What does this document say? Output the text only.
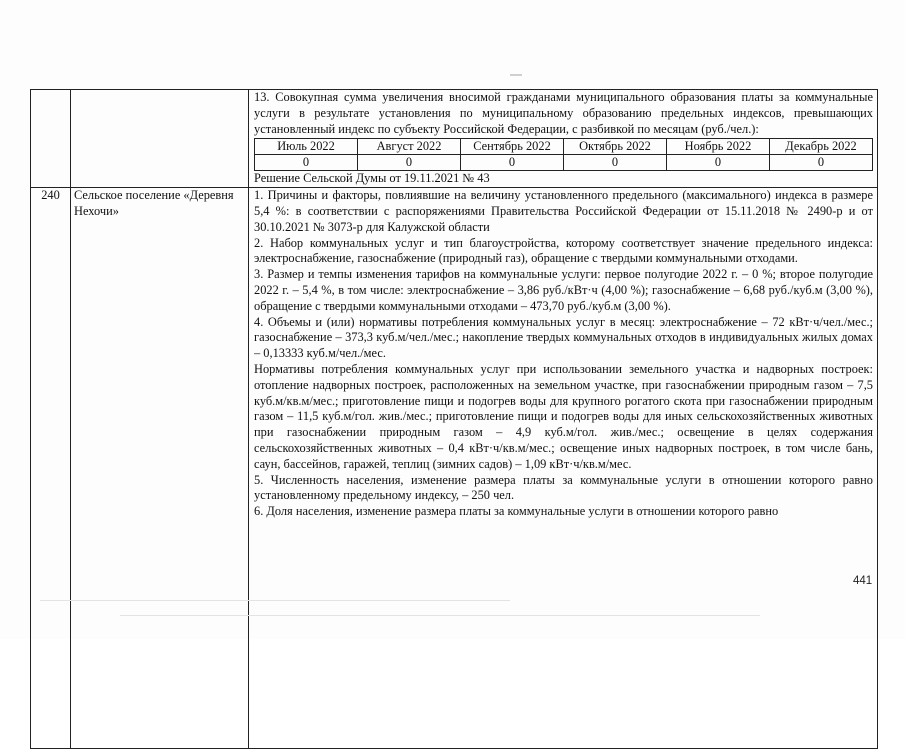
13. Совокупная сумма увеличения вносимой гражданами муниципального образования платы за коммунальные услуги в результате установления по муниципальному образованию предельных индексов, превышающих установленный индекс по субъекту Российской Федерации, с разбивкой по месяцам (руб./чел.):

Июль 2022	Август 2022	Сентябрь 2022	Октябрь 2022	Ноябрь 2022	Декабрь 2022
0	0	0	0	0	0

Решение Сельской Думы от 19.11.2021 № 43

240	Сельское поселение «Деревня Нехочи»	

1. Причины и факторы, повлиявшие на величину установленного предельного (максимального) индекса в размере 5,4 %: в соответствии с распоряжениями Правительства Российской Федерации от 15.11.2018 № 2490-р и от 30.10.2021 № 3073-р для Калужской области

2. Набор коммунальных услуг и тип благоустройства, которому соответствует значение предельного индекса: электроснабжение, газоснабжение (природный газ), обращение с твердыми коммунальными отходами.

3. Размер и темпы изменения тарифов на коммунальные услуги: первое полугодие 2022 г. – 0 %; второе полугодие 2022 г. – 5,4 %, в том числе: электроснабжение – 3,86 руб./кВт·ч (4,00 %); газоснабжение – 6,68 руб./куб.м (3,00 %), обращение с твердыми коммунальными отходами – 473,70 руб./куб.м (3,00 %).

4. Объемы и (или) нормативы потребления коммунальных услуг в месяц: электроснабжение – 72 кВт·ч/чел./мес.; газоснабжение – 373,3 куб.м/чел./мес.; накопление твердых коммунальных отходов в индивидуальных жилых домах – 0,13333 куб.м/чел./мес.

Нормативы потребления коммунальных услуг при использовании земельного участка и надворных построек: отопление надворных построек, расположенных на земельном участке, при газоснабжении природным газом – 7,5 куб.м/кв.м/мес.; приготовление пищи и подогрев воды для крупного рогатого скота при газоснабжении природным газом – 11,5 куб.м/гол. жив./мес.; приготовление пищи и подогрев воды для иных сельскохозяйственных животных при газоснабжении природным газом – 4,9 куб.м/гол. жив./мес.; освещение в целях содержания сельскохозяйственных животных – 0,4 кВт·ч/кв.м/мес.; освещение иных надворных построек, в том числе бань, саун, бассейнов, гаражей, теплиц (зимних садов) – 1,09 кВт·ч/кв.м/мес.

5. Численность населения, изменение размера платы за коммунальные услуги в отношении которого равно установленному предельному индексу, – 250 чел.

6. Доля населения, изменение размера платы за коммунальные услуги в отношении которого равно

441
